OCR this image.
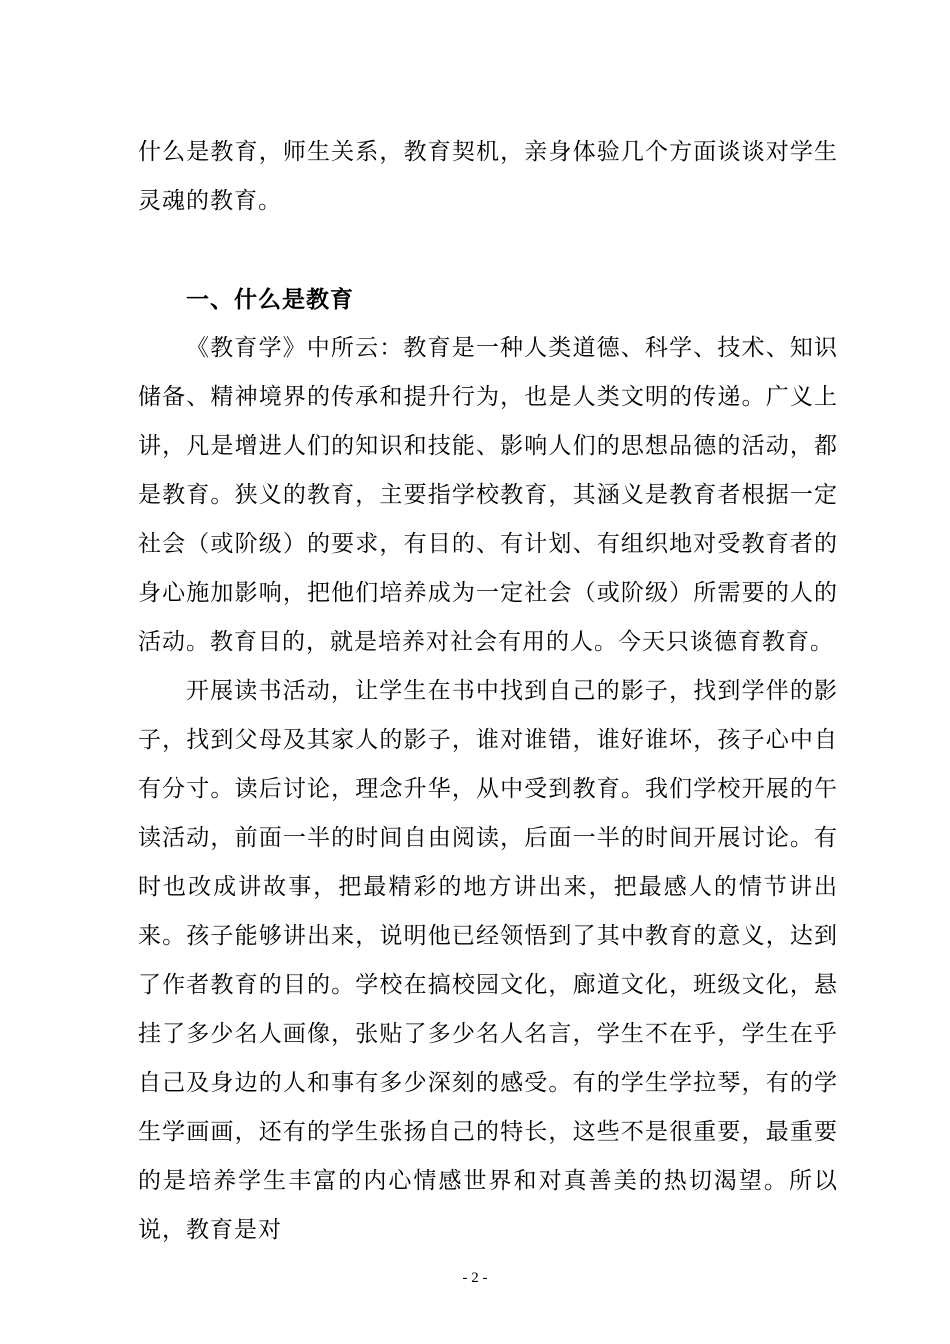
什么是教育，师生关系，教育契机，亲身体验几个方面谈谈对学生灵魂的教育。
一、什么是教育

《教育学》中所云：教育是一种人类道德、科学、技术、知识储备、精神境界的传承和提升行为，也是人类文明的传递。广义上讲，凡是增进人们的知识和技能、影响人们的思想品德的活动，都是教育。狭义的教育，主要指学校教育，其涵义是教育者根据一定社会（或阶级）的要求，有目的、有计划、有组织地对受教育者的身心施加影响，把他们培养成为一定社会（或阶级）所需要的人的活动。教育目的，就是培养对社会有用的人。今天只谈德育教育。

开展读书活动，让学生在书中找到自己的影子，找到学伴的影子，找到父母及其家人的影子，谁对谁错，谁好谁坏，孩子心中自有分寸。读后讨论，理念升华，从中受到教育。我们学校开展的午读活动，前面一半的时间自由阅读，后面一半的时间开展讨论。有时也改成讲故事，把最精彩的地方讲出来，把最感人的情节讲出来。孩子能够讲出来，说明他已经领悟到了其中教育的意义，达到了作者教育的目的。学校在搞校园文化，廊道文化，班级文化，悬挂了多少名人画像，张贴了多少名人名言，学生不在乎，学生在乎自己及身边的人和事有多少深刻的感受。有的学生学拉琴，有的学生学画画，还有的学生张扬自己的特长，这些不是很重要，最重要的是培养学生丰富的内心情感世界和对真善美的热切渴望。所以说，教育是对

- 2 -
